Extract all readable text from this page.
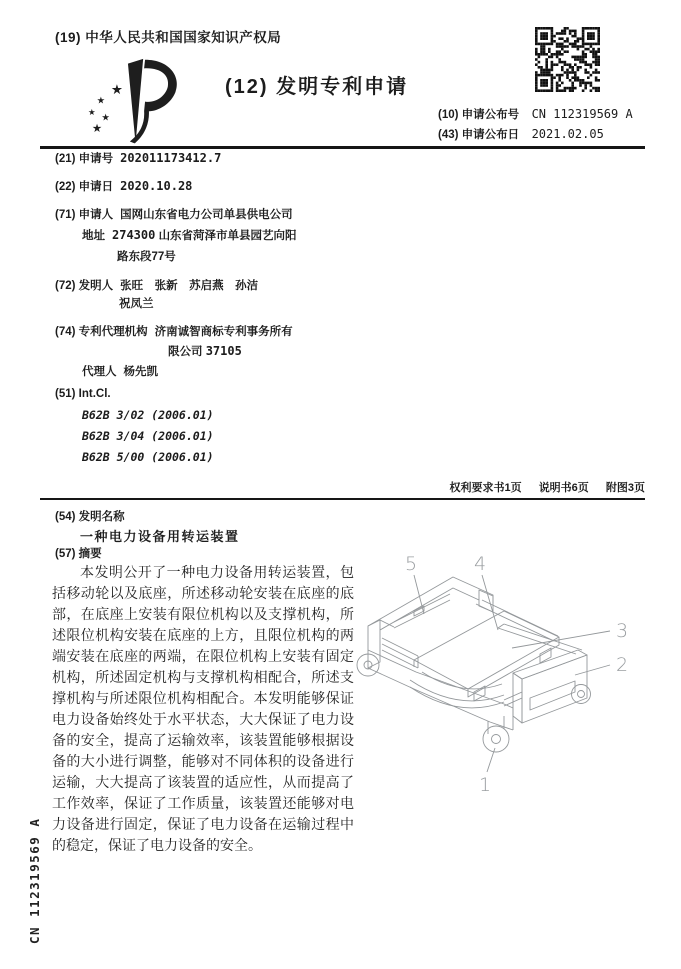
(19) 中华人民共和国国家知识产权局
★
★
★
★
★
(12) 发明专利申请
(10) 申请公布号 CN 112319569 A
(43) 申请公布日 2021.02.05
(21) 申请号 202011173412.7
(22) 申请日 2020.10.28
(71) 申请人 国网山东省电力公司单县供电公司
地址 274300 山东省菏泽市单县园艺向阳
路东段77号
(72) 发明人 张旺　张新　苏启燕　孙洁
祝凤兰
(74) 专利代理机构 济南诚智商标专利事务所有
限公司 37105
代理人 杨先凯
(51) Int.Cl.
B62B 3/02 (2006.01)
B62B 3/04 (2006.01)
B62B 5/00 (2006.01)
权利要求书1页 说明书6页 附图3页
(54) 发明名称
一种电力设备用转运装置
(57) 摘要
本发明公开了一种电力设备用转运装置，包括移动轮以及底座，所述移动轮安装在底座的底部，在底座上安装有限位机构以及支撑机构，所述限位机构安装在底座的上方，且限位机构的两端安装在底座的两端，在限位机构上安装有固定机构，所述固定机构与支撑机构相配合，所述支撑机构与所述限位机构相配合。本发明能够保证电力设备始终处于水平状态，大大保证了电力设备的安全，提高了运输效率，该装置能够根据设备的大小进行调整，能够对不同体积的设备进行运输，大大提高了该装置的适应性，从而提高了工作效率，保证了工作质量，该装置还能够对电力设备进行固定，保证了电力设备在运输过程中的稳定，保证了电力设备的安全。
5	4
3
2
1
CN 112319569 A
